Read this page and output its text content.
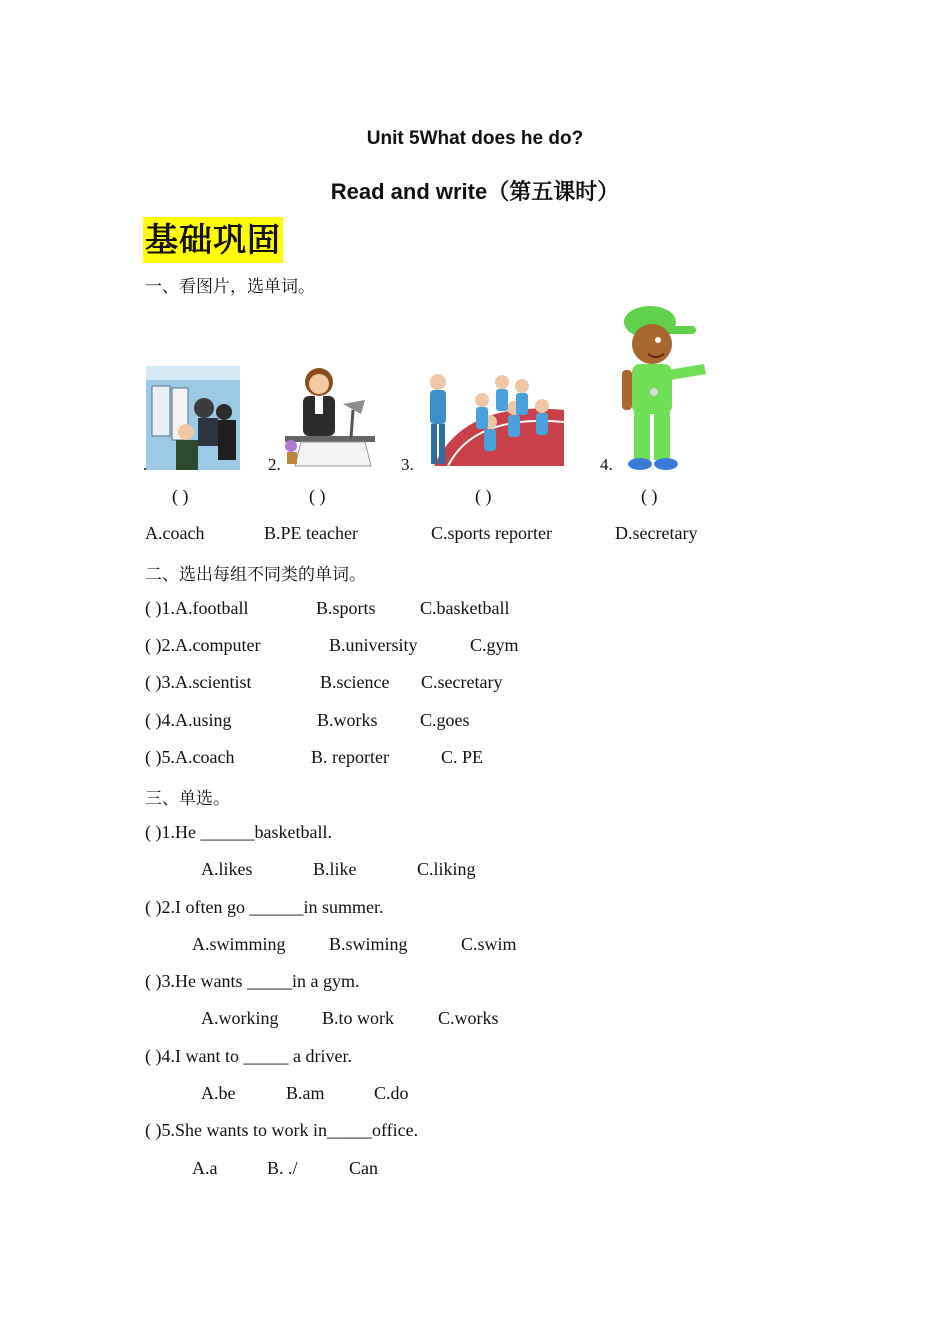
Unit 5What does he do?
Read and write（第五课时）
基础巩固
一、看图片，选单词。
.	2.	3.	4.
( )	( )	( )	( )
A.coach	B.PE teacher	C.sports reporter	D.secretary
二、选出每组不同类的单词。
( )1.A.football	B.sports C.basketball
( )2.A.computer	B.university	C.gym
( )3.A.scientist	B.science C.secretary
( )4.A.using	B.works C.goes
( )5.A.coach	B. reporter	C. PE
三、单选。
( )1.He ______basketball.
A.likes	B.like	C.liking
( )2.I often go ______in summer.
A.swimming B.swiming	C.swim
( )3.He wants _____in a gym.
A.working B.to work C.works
( )4.I want to _____ a driver.
A.be	B.am	C.do
( )5.She wants to work in_____office.
A.a	B. ./	Can
